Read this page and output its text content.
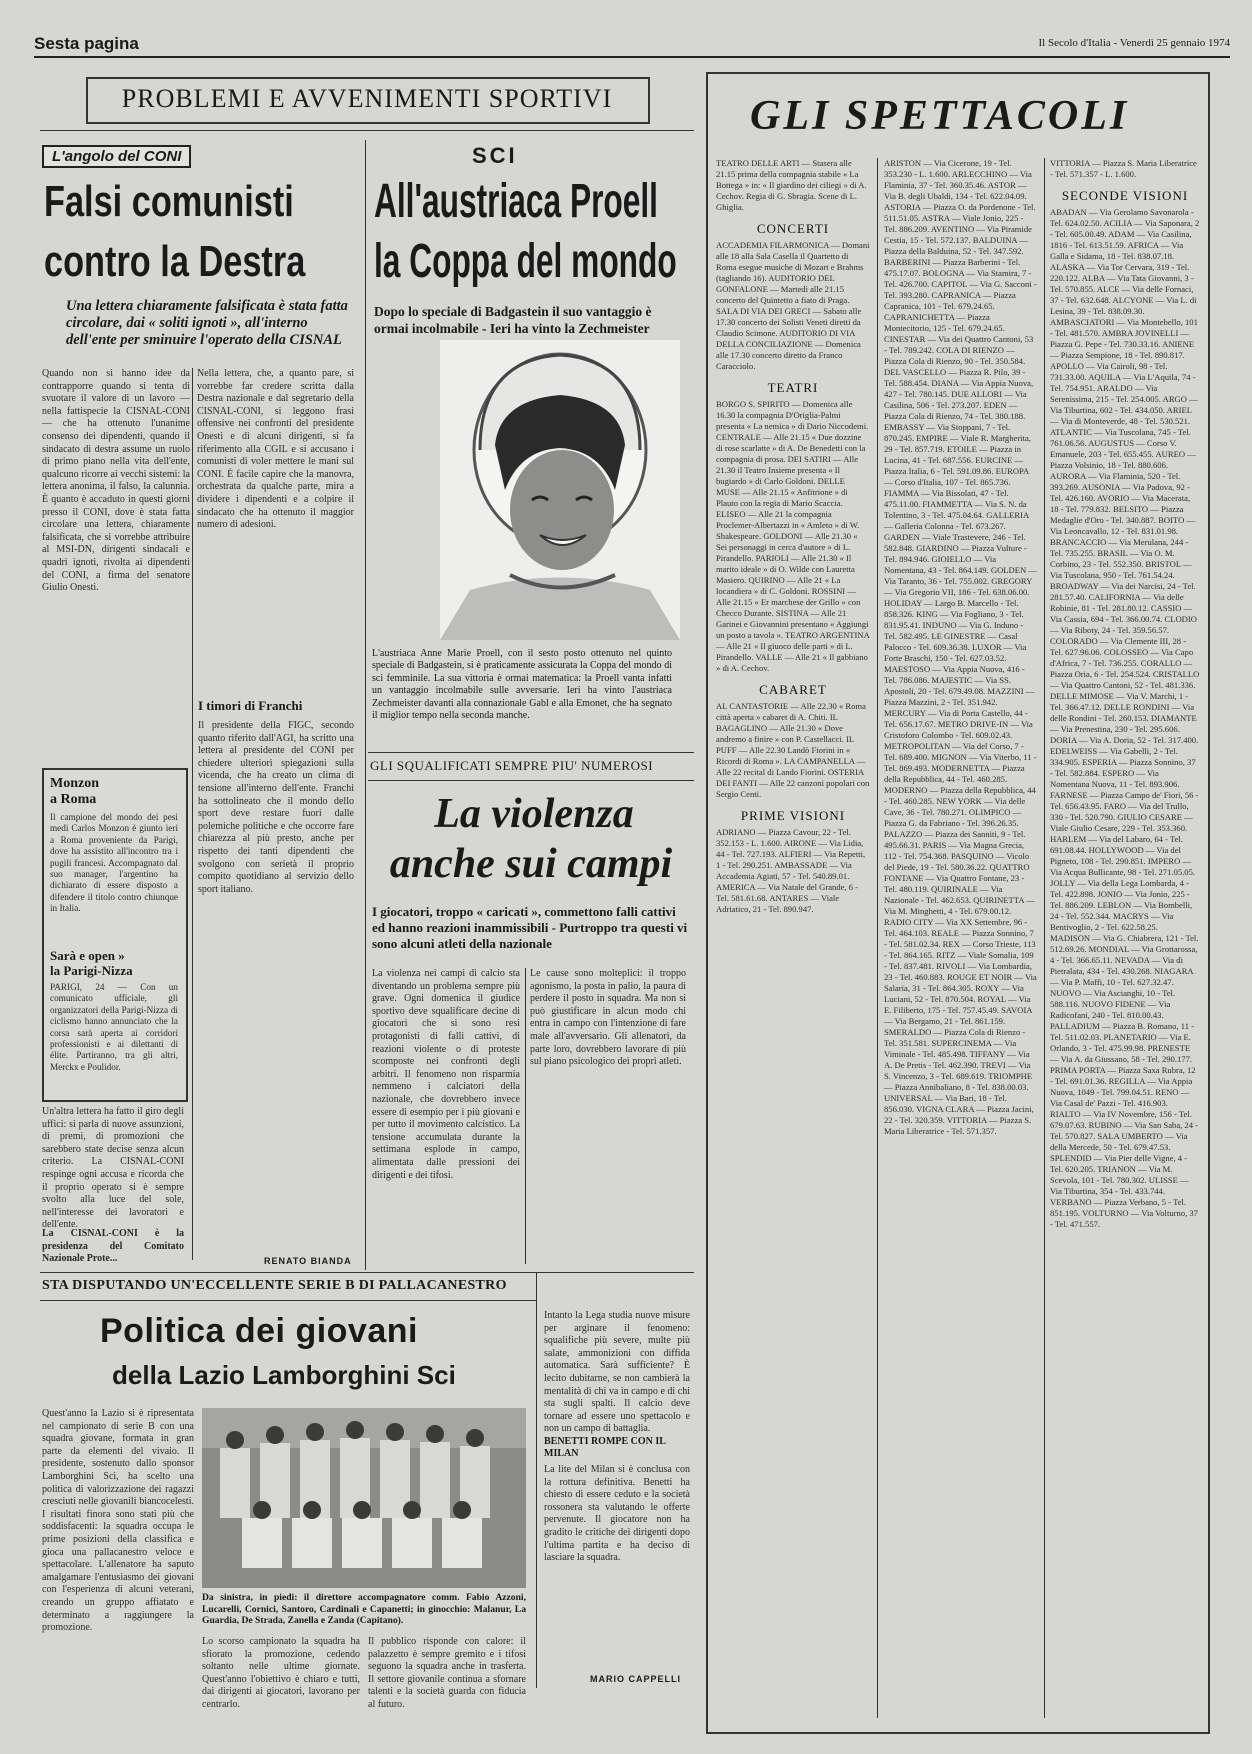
Sesta pagina	Il Secolo d'Italia - Venerdì 25 gennaio 1974
PROBLEMI E AVVENIMENTI SPORTIVI
L'angolo del CONI
Falsi comunisti
contro la Destra
Una lettera chiaramente falsificata è stata fatta circolare, dai « soliti ignoti », all'interno dell'ente per sminuire l'operato della CISNAL
Quando non si hanno idee da contrapporre quando si tenta di svuotare il valore di un lavoro — nella fattispecie la CISNAL-CONI — che ha ottenuto l'unanime consenso dei dipendenti, quando il sindacato di destra assume un ruolo di primo piano nella vita dell'ente, qualcuno ricorre ai vecchi sistemi: la lettera anonima, il falso, la calunnia. È quanto è accaduto in questi giorni presso il CONI, dove è stata fatta circolare una lettera, chiaramente falsificata, che si vorrebbe attribuire al MSI-DN, dirigenti sindacali e quadri ignoti, rivolta ai dipendenti del CONI, a firma del senatore Giulio Onesti.
Nella lettera, che, a quanto pare, si vorrebbe far credere scritta dalla Destra nazionale e dal segretario della CISNAL-CONI, si leggono frasi offensive nei confronti del presidente Onesti e di alcuni dirigenti, si fa riferimento alla CGIL e si accusano i comunisti di voler mettere le mani sul CONI. È facile capire che la manovra, orchestrata da qualche parte, mira a dividere i dipendenti e a colpire il sindacato che ha ottenuto il maggior numero di adesioni.
I timori di Franchi
Il presidente della FIGC, secondo quanto riferito dall'AGI, ha scritto una lettera al presidente del CONI per chiedere ulteriori spiegazioni sulla vicenda, che ha creato un clima di tensione all'interno dell'ente. Franchi ha sottolineato che il mondo dello sport deve restare fuori dalle polemiche politiche e che occorre fare chiarezza al più presto, anche per rispetto dei tanti dipendenti che svolgono con serietà il proprio compito quotidiano al servizio dello sport italiano.
Monzon
a Roma
Il campione del mondo dei pesi medi Carlos Monzon è giunto ieri a Roma proveniente da Parigi, dove ha assistito all'incontro tra i pugili francesi. Accompagnato dal suo manager, l'argentino ha dichiarato di essere disposto a difendere il titolo contro chiunque in Italia.
Sarà e open »
la Parigi-Nizza
PARIGI, 24 — Con un comunicato ufficiale, gli organizzatori della Parigi-Nizza di ciclismo hanno annunciato che la corsa sarà aperta ai corridori professionisti e ai dilettanti di élite. Partiranno, tra gli altri, Merckx e Poulidor.
Un'altra lettera ha fatto il giro degli uffici: si parla di nuove assunzioni, di premi, di promozioni che sarebbero state decise senza alcun criterio. La CISNAL-CONI respinge ogni accusa e ricorda che il proprio operato si è sempre svolto alla luce del sole, nell'interesse dei lavoratori e dell'ente.
La CISNAL-CONI è la presidenza del Comitato Nazionale Prote...	RENATO BIANDA
SCI
All'austriaca Proell
la Coppa del mondo
Dopo lo speciale di Badgastein il suo vantaggio è ormai incolmabile - Ieri ha vinto la Zechmeister
L'austriaca Anne Marie Proell, con il sesto posto ottenuto nel quinto speciale di Badgastein, si è praticamente assicurata la Coppa del mondo di sci femminile. La sua vittoria è ormai matematica: la Proell vanta infatti un vantaggio incolmabile sulle avversarie. Ieri ha vinto l'austriaca Zechmeister davanti alla connazionale Gabl e alla Emonet, che ha segnato il miglior tempo nella seconda manche.
GLI SQUALIFICATI SEMPRE PIU' NUMEROSI
La violenza
anche sui campi
I giocatori, troppo « caricati », commettono falli cattivi ed hanno reazioni inammissibili - Purtroppo tra questi vi sono alcuni atleti della nazionale
La violenza nei campi di calcio sta diventando un problema sempre più grave. Ogni domenica il giudice sportivo deve squalificare decine di giocatori che si sono resi protagonisti di falli cattivi, di reazioni violente o di proteste scomposte nei confronti degli arbitri. Il fenomeno non risparmia nemmeno i calciatori della nazionale, che dovrebbero invece essere di esempio per i più giovani e per tutto il movimento calcistico. La tensione accumulata durante la settimana esplode in campo, alimentata dalle pressioni dei dirigenti e dei tifosi.
Le cause sono molteplici: il troppo agonismo, la posta in palio, la paura di perdere il posto in squadra. Ma non si può giustificare in alcun modo chi entra in campo con l'intenzione di fare male all'avversario. Gli allenatori, da parte loro, dovrebbero lavorare di più sul piano psicologico dei propri atleti.
STA DISPUTANDO UN'ECCELLENTE SERIE B DI PALLACANESTRO
Politica dei giovani
della Lazio Lamborghini Sci
Quest'anno la Lazio si è ripresentata nel campionato di serie B con una squadra giovane, formata in gran parte da elementi del vivaio. Il presidente, sostenuto dallo sponsor Lamborghini Sci, ha scelto una politica di valorizzazione dei ragazzi cresciuti nelle giovanili biancocelesti. I risultati finora sono stati più che soddisfacenti: la squadra occupa le prime posizioni della classifica e gioca una pallacanestro veloce e spettacolare. L'allenatore ha saputo amalgamare l'entusiasmo dei giovani con l'esperienza di alcuni veterani, creando un gruppo affiatato e determinato a raggiungere la promozione.
Da sinistra, in piedi: il direttore accompagnatore comm. Fabio Azzoni, Lucarelli, Cornici, Santoro, Cardinali e Capanetti; in ginocchio: Malanur, La Guardia, De Strada, Zanella e Zanda (Capitano).
Lo scorso campionato la squadra ha sfiorato la promozione, cedendo soltanto nelle ultime giornate. Quest'anno l'obiettivo è chiaro e tutti, dai dirigenti ai giocatori, lavorano per centrarlo.
Il pubblico risponde con calore: il palazzetto è sempre gremito e i tifosi seguono la squadra anche in trasferta. Il settore giovanile continua a sfornare talenti e la società guarda con fiducia al futuro.
Intanto la Lega studia nuove misure per arginare il fenomeno: squalifiche più severe, multe più salate, ammonizioni con diffida automatica. Sarà sufficiente? È lecito dubitarne, se non cambierà la mentalità di chi va in campo e di chi sta sugli spalti. Il calcio deve tornare ad essere uno spettacolo e non un campo di battaglia.
BENETTI ROMPE CON IL MILAN
La lite del Milan si è conclusa con la rottura definitiva. Benetti ha chiesto di essere ceduto e la società rossonera sta valutando le offerte pervenute. Il giocatore non ha gradito le critiche dei dirigenti dopo l'ultima partita e ha deciso di lasciare la squadra.
MARIO CAPPELLI
GLI SPETTACOLI
TEATRO DELLE ARTI — Stasera alle 21.15 prima della compagnia stabile « La Bottega » in: « Il giardino dei ciliegi » di A. Cechov. Regia di G. Sbragia. Scene di L. Ghiglia.
CONCERTI
ACCADEMIA FILARMONICA — Domani alle 18 alla Sala Casella il Quartetto di Roma esegue musiche di Mozart e Brahms (tagliando 16). AUDITORIO DEL GONFALONE — Martedì alle 21.15 concerto del Quintetto a fiato di Praga. SALA DI VIA DEI GRECI — Sabato alle 17.30 concerto dei Solisti Veneti diretti da Claudio Scimone. AUDITORIO DI VIA DELLA CONCILIAZIONE — Domenica alle 17.30 concerto diretto da Franco Caracciolo.
TEATRI
BORGO S. SPIRITO — Domenica alle 16.30 la compagnia D'Origlia-Palmi presenta « La nemica » di Dario Niccodemi. CENTRALE — Alle 21.15 « Due dozzine di rose scarlatte » di A. De Benedetti con la compagnia di prosa. DEI SATIRI — Alle 21.30 il Teatro Insieme presenta « Il bugiardo » di Carlo Goldoni. DELLE MUSE — Alle 21.15 « Anfitrione » di Plauto con la regia di Mario Scaccia. ELISEO — Alle 21 la compagnia Proclemer-Albertazzi in « Amleto » di W. Shakespeare. GOLDONI — Alle 21.30 « Sei personaggi in cerca d'autore » di L. Pirandello. PARIOLI — Alle 21.30 « Il marito ideale » di O. Wilde con Lauretta Masiero. QUIRINO — Alle 21 « La locandiera » di C. Goldoni. ROSSINI — Alle 21.15 « Er marchese der Grillo » con Checco Durante. SISTINA — Alle 21 Garinei e Giovannini presentano « Aggiungi un posto a tavola ». TEATRO ARGENTINA — Alle 21 « Il giuoco delle parti » di L. Pirandello. VALLE — Alle 21 « Il gabbiano » di A. Cechov.
CABARET
AL CANTASTORIE — Alle 22.30 « Roma città aperta » cabaret di A. Chiti. IL BAGAGLINO — Alle 21.30 « Dove andremo a finire » con P. Castellacci. IL PUFF — Alle 22.30 Landò Fiorini in « Ricordi di Roma ». LA CAMPANELLA — Alle 22 recital di Lando Fiorini. OSTERIA DEI FANTI — Alle 22 canzoni popolari con Sergio Centi.
PRIME VISIONI
ADRIANO — Piazza Cavour, 22 - Tel. 352.153 - L. 1.600. AIRONE — Via Lidia, 44 - Tel. 727.193. ALFIERI — Via Repetti, 1 - Tel. 290.251. AMBASSADE — Via Accademia Agiati, 57 - Tel. 540.89.01. AMERICA — Via Natale del Grande, 6 - Tel. 581.61.68. ANTARES — Viale Adriatico, 21 - Tel. 890.947.
ARISTON — Via Cicerone, 19 - Tel. 353.230 - L. 1.600. ARLECCHINO — Via Flaminia, 37 - Tel. 360.35.46. ASTOR — Via B. degli Ubaldi, 134 - Tel. 622.04.09. ASTORIA — Piazza O. da Pordenone - Tel. 511.51.05. ASTRA — Viale Jonio, 225 - Tel. 886.209. AVENTINO — Via Piramide Cestia, 15 - Tel. 572.137. BALDUINA — Piazza della Balduina, 52 - Tel. 347.592. BARBERINI — Piazza Barberini - Tel. 475.17.07. BOLOGNA — Via Stamira, 7 - Tel. 426.700. CAPITOL — Via G. Sacconi - Tel. 393.280. CAPRANICA — Piazza Capranica, 101 - Tel. 679.24.65. CAPRANICHETTA — Piazza Montecitorio, 125 - Tel. 679.24.65. CINESTAR — Via dei Quattro Cantoni, 53 - Tel. 789.242. COLA DI RIENZO — Piazza Cola di Rienzo, 90 - Tel. 350.584. DEL VASCELLO — Piazza R. Pilo, 39 - Tel. 588.454. DIANA — Via Appia Nuova, 427 - Tel. 780.145. DUE ALLORI — Via Casilina, 506 - Tel. 273.207. EDEN — Piazza Cola di Rienzo, 74 - Tel. 380.188. EMBASSY — Via Stoppani, 7 - Tel. 870.245. EMPIRE — Viale R. Margherita, 29 - Tel. 857.719. ETOILE — Piazza in Lucina, 41 - Tel. 687.556. EURCINE — Piazza Italia, 6 - Tel. 591.09.86. EUROPA — Corso d'Italia, 107 - Tel. 865.736. FIAMMA — Via Bissolati, 47 - Tel. 475.11.00. FIAMMETTA — Via S. N. da Tolentino, 3 - Tel. 475.04.64. GALLERIA — Galleria Colonna - Tel. 673.267. GARDEN — Viale Trastevere, 246 - Tel. 582.848. GIARDINO — Piazza Vulture - Tel. 894.946. GIOIELLO — Via Nomentana, 43 - Tel. 864.149. GOLDEN — Via Taranto, 36 - Tel. 755.002. GREGORY — Via Gregorio VII, 186 - Tel. 638.06.00. HOLIDAY — Largo B. Marcello - Tel. 858.326. KING — Via Fogliano, 3 - Tel. 831.95.41. INDUNO — Via G. Induno - Tel. 582.495. LE GINESTRE — Casal Palocco - Tel. 609.36.38. LUXOR — Via Forte Braschi, 150 - Tel. 627.03.52. MAESTOSO — Via Appia Nuova, 416 - Tel. 786.086. MAJESTIC — Via SS. Apostoli, 20 - Tel. 679.49.08. MAZZINI — Piazza Mazzini, 2 - Tel. 351.942. MERCURY — Via di Porta Castello, 44 - Tel. 656.17.67. METRO DRIVE-IN — Via Cristoforo Colombo - Tel. 609.02.43. METROPOLITAN — Via del Corso, 7 - Tel. 689.400. MIGNON — Via Viterbo, 11 - Tel. 869.493. MODERNETTA — Piazza della Repubblica, 44 - Tel. 460.285. MODERNO — Piazza della Repubblica, 44 - Tel. 460.285. NEW YORK — Via delle Cave, 36 - Tel. 780.271. OLIMPICO — Piazza G. da Fabriano - Tel. 396.26.35. PALAZZO — Piazza dei Sanniti, 9 - Tel. 495.66.31. PARIS — Via Magna Grecia, 112 - Tel. 754.368. PASQUINO — Vicolo del Piede, 19 - Tel. 580.36.22. QUATTRO FONTANE — Via Quattro Fontane, 23 - Tel. 480.119. QUIRINALE — Via Nazionale - Tel. 462.653. QUIRINETTA — Via M. Minghetti, 4 - Tel. 679.00.12. RADIO CITY — Via XX Settembre, 96 - Tel. 464.103. REALE — Piazza Sonnino, 7 - Tel. 581.02.34. REX — Corso Trieste, 113 - Tel. 864.165. RITZ — Viale Somalia, 109 - Tel. 837.481. RIVOLI — Via Lombardia, 23 - Tel. 460.883. ROUGE ET NOIR — Via Salaria, 31 - Tel. 864.305. ROXY — Via Luciani, 52 - Tel. 870.504. ROYAL — Via E. Filiberto, 175 - Tel. 757.45.49. SAVOIA — Via Bergamo, 21 - Tel. 861.159. SMERALDO — Piazza Cola di Rienzo - Tel. 351.581. SUPERCINEMA — Via Viminale - Tel. 485.498. TIFFANY — Via A. De Pretis - Tel. 462.390. TREVI — Via S. Vincenzo, 3 - Tel. 689.619. TRIOMPHE — Piazza Annibaliano, 8 - Tel. 838.00.03. UNIVERSAL — Via Bari, 18 - Tel. 856.030. VIGNA CLARA — Piazza Jacini, 22 - Tel. 320.359. VITTORIA — Piazza S. Maria Liberatrice - Tel. 571.357.
VITTORIA — Piazza S. Maria Liberatrice - Tel. 571.357 - L. 1.600.
SECONDE VISIONI
ABADAN — Via Gerolamo Savonarola - Tel. 624.02.50. ACILIA — Via Saponara, 2 - Tel. 605.00.49. ADAM — Via Casilina, 1816 - Tel. 613.51.59. AFRICA — Via Galla e Sidama, 18 - Tel. 838.07.18. ALASKA — Via Tor Cervara, 319 - Tel. 220.122. ALBA — Via Tata Giovanni, 3 - Tel. 570.855. ALCE — Via delle Fornaci, 37 - Tel. 632.648. ALCYONE — Via L. di Lesina, 39 - Tel. 838.09.30. AMBASCIATORI — Via Montebello, 101 - Tel. 481.570. AMBRA JOVINELLI — Piazza G. Pepe - Tel. 730.33.16. ANIENE — Piazza Sempione, 18 - Tel. 890.817. APOLLO — Via Cairoli, 98 - Tel. 731.33.00. AQUILA — Via L'Aquila, 74 - Tel. 754.951. ARALDO — Via Serenissima, 215 - Tel. 254.005. ARGO — Via Tiburtina, 602 - Tel. 434.050. ARIEL — Via di Monteverde, 48 - Tel. 530.521. ATLANTIC — Via Tuscolana, 745 - Tel. 761.06.56. AUGUSTUS — Corso V. Emanuele, 203 - Tel. 655.455. AUREO — Piazza Volsinio, 18 - Tel. 880.606. AURORA — Via Flaminia, 520 - Tel. 393.269. AUSONIA — Via Padova, 92 - Tel. 426.160. AVORIO — Via Macerata, 18 - Tel. 779.832. BELSITO — Piazza Medaglie d'Oro - Tel. 340.887. BOITO — Via Leoncavallo, 12 - Tel. 831.01.98. BRANCACCIO — Via Merulana, 244 - Tel. 735.255. BRASIL — Via O. M. Corbino, 23 - Tel. 552.350. BRISTOL — Via Tuscolana, 950 - Tel. 761.54.24. BROADWAY — Via dei Narcisi, 24 - Tel. 281.57.40. CALIFORNIA — Via delle Robinie, 81 - Tel. 281.80.12. CASSIO — Via Cassia, 694 - Tel. 366.00.74. CLODIO — Via Riboty, 24 - Tel. 359.56.57. COLORADO — Via Clemente III, 28 - Tel. 627.96.06. COLOSSEO — Via Capo d'Africa, 7 - Tel. 736.255. CORALLO — Piazza Oria, 6 - Tel. 254.524. CRISTALLO — Via Quattro Cantoni, 52 - Tel. 481.336. DELLE MIMOSE — Via V. Marchi, 1 - Tel. 366.47.12. DELLE RONDINI — Via delle Rondini - Tel. 260.153. DIAMANTE — Via Prenestina, 230 - Tel. 295.606. DORIA — Via A. Doria, 52 - Tel. 317.400. EDELWEISS — Via Gabelli, 2 - Tel. 334.905. ESPERIA — Piazza Sonnino, 37 - Tel. 582.884. ESPERO — Via Nomentana Nuova, 11 - Tel. 893.906. FARNESE — Piazza Campo de' Fiori, 56 - Tel. 656.43.95. FARO — Via del Trullo, 330 - Tel. 520.790. GIULIO CESARE — Viale Giulio Cesare, 229 - Tel. 353.360. HARLEM — Via del Labaro, 64 - Tel. 691.08.44. HOLLYWOOD — Via del Pigneto, 108 - Tel. 290.851. IMPERO — Via Acqua Bullicante, 98 - Tel. 271.05.05. JOLLY — Via della Lega Lombarda, 4 - Tel. 422.898. JONIO — Via Jonio, 225 - Tel. 886.209. LEBLON — Via Bombelli, 24 - Tel. 552.344. MACRYS — Via Bentivoglio, 2 - Tel. 622.58.25. MADISON — Via G. Chiabrera, 121 - Tel. 512.69.26. MONDIAL — Via Grottarossa, 4 - Tel. 366.65.11. NEVADA — Via di Pietralata, 434 - Tel. 430.268. NIAGARA — Via P. Maffi, 10 - Tel. 627.32.47. NUOVO — Via Ascianghi, 10 - Tel. 588.116. NUOVO FIDENE — Via Radicofani, 240 - Tel. 810.00.43. PALLADIUM — Piazza B. Romano, 11 - Tel. 511.02.03. PLANETARIO — Via E. Orlando, 3 - Tel. 475.99.98. PRENESTE — Via A. da Giussano, 58 - Tel. 290.177. PRIMA PORTA — Piazza Saxa Rubra, 12 - Tel. 691.01.36. REGILLA — Via Appia Nuova, 1049 - Tel. 799.04.51. RENO — Via Casal de' Pazzi - Tel. 416.903. RIALTO — Via IV Novembre, 156 - Tel. 679.07.63. RUBINO — Via San Saba, 24 - Tel. 570.827. SALA UMBERTO — Via della Mercede, 50 - Tel. 679.47.53. SPLENDID — Via Pier delle Vigne, 4 - Tel. 620.205. TRIANON — Via M. Scevola, 101 - Tel. 780.302. ULISSE — Via Tiburtina, 354 - Tel. 433.744. VERBANO — Piazza Verbano, 5 - Tel. 851.195. VOLTURNO — Via Volturno, 37 - Tel. 471.557.
